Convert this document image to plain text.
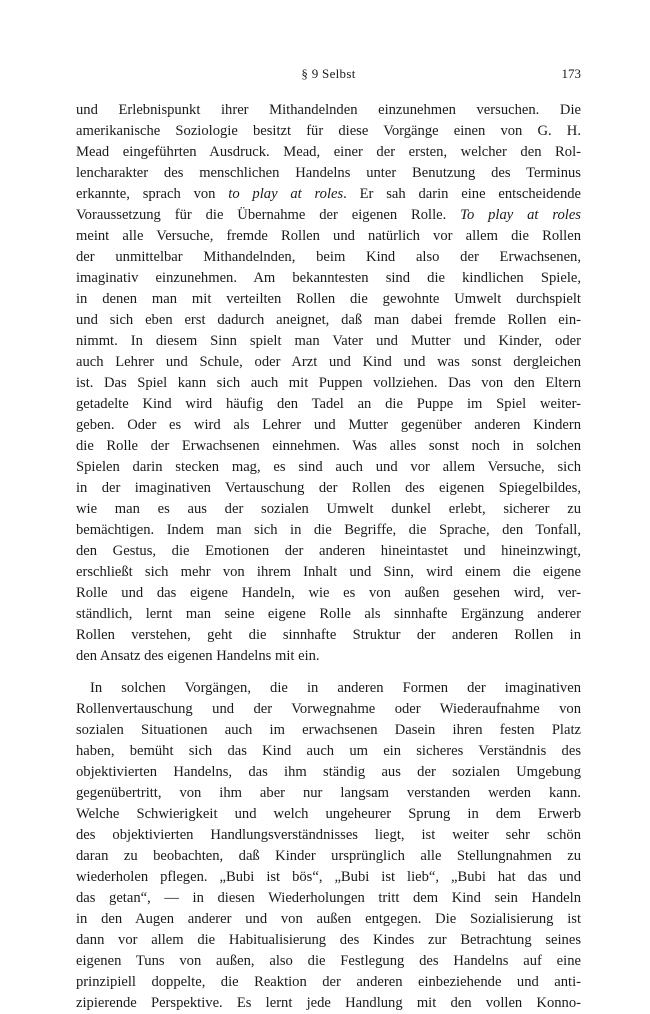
§ 9 Selbst	173
und Erlebnispunkt ihrer Mithandelnden einzunehmen versuchen. Die
amerikanische Soziologie besitzt für diese Vorgänge einen von G. H.
Mead eingeführten Ausdruck. Mead, einer der ersten, welcher den Rol-
lencharakter des menschlichen Handelns unter Benutzung des Terminus
erkannte, sprach von to play at roles. Er sah darin eine entscheidende
Voraussetzung für die Übernahme der eigenen Rolle. To play at roles
meint alle Versuche, fremde Rollen und natürlich vor allem die Rollen
der unmittelbar Mithandelnden, beim Kind also der Erwachsenen,
imaginativ einzunehmen. Am bekanntesten sind die kindlichen Spiele,
in denen man mit verteilten Rollen die gewohnte Umwelt durchspielt
und sich eben erst dadurch aneignet, daß man dabei fremde Rollen ein-
nimmt. In diesem Sinn spielt man Vater und Mutter und Kinder, oder
auch Lehrer und Schule, oder Arzt und Kind und was sonst dergleichen
ist. Das Spiel kann sich auch mit Puppen vollziehen. Das von den Eltern
getadelte Kind wird häufig den Tadel an die Puppe im Spiel weiter-
geben. Oder es wird als Lehrer und Mutter gegenüber anderen Kindern
die Rolle der Erwachsenen einnehmen. Was alles sonst noch in solchen
Spielen darin stecken mag, es sind auch und vor allem Versuche, sich
in der imaginativen Vertauschung der Rollen des eigenen Spiegelbildes,
wie man es aus der sozialen Umwelt dunkel erlebt, sicherer zu
bemächtigen. Indem man sich in die Begriffe, die Sprache, den Tonfall,
den Gestus, die Emotionen der anderen hineintastet und hineinzwingt,
erschließt sich mehr von ihrem Inhalt und Sinn, wird einem die eigene
Rolle und das eigene Handeln, wie es von außen gesehen wird, ver-
ständlich, lernt man seine eigene Rolle als sinnhafte Ergänzung anderer
Rollen verstehen, geht die sinnhafte Struktur der anderen Rollen in
den Ansatz des eigenen Handelns mit ein.
In solchen Vorgängen, die in anderen Formen der imaginativen
Rollenvertauschung und der Vorwegnahme oder Wiederaufnahme von
sozialen Situationen auch im erwachsenen Dasein ihren festen Platz
haben, bemüht sich das Kind auch um ein sicheres Verständnis des
objektivierten Handelns, das ihm ständig aus der sozialen Umgebung
gegenübertritt, von ihm aber nur langsam verstanden werden kann.
Welche Schwierigkeit und welch ungeheurer Sprung in dem Erwerb
des objektivierten Handlungsverständnisses liegt, ist weiter sehr schön
daran zu beobachten, daß Kinder ursprünglich alle Stellungnahmen zu
wiederholen pflegen. „Bubi ist bös“, „Bubi ist lieb“, „Bubi hat das und
das getan“, — in diesen Wiederholungen tritt dem Kind sein Handeln
in den Augen anderer und von außen entgegen. Die Sozialisierung ist
dann vor allem die Habitualisierung des Kindes zur Betrachtung seines
eigenen Tuns von außen, also die Festlegung des Handelns auf eine
prinzipiell doppelte, die Reaktion der anderen einbeziehende und anti-
zipierende Perspektive. Es lernt jede Handlung mit den vollen Konno-
